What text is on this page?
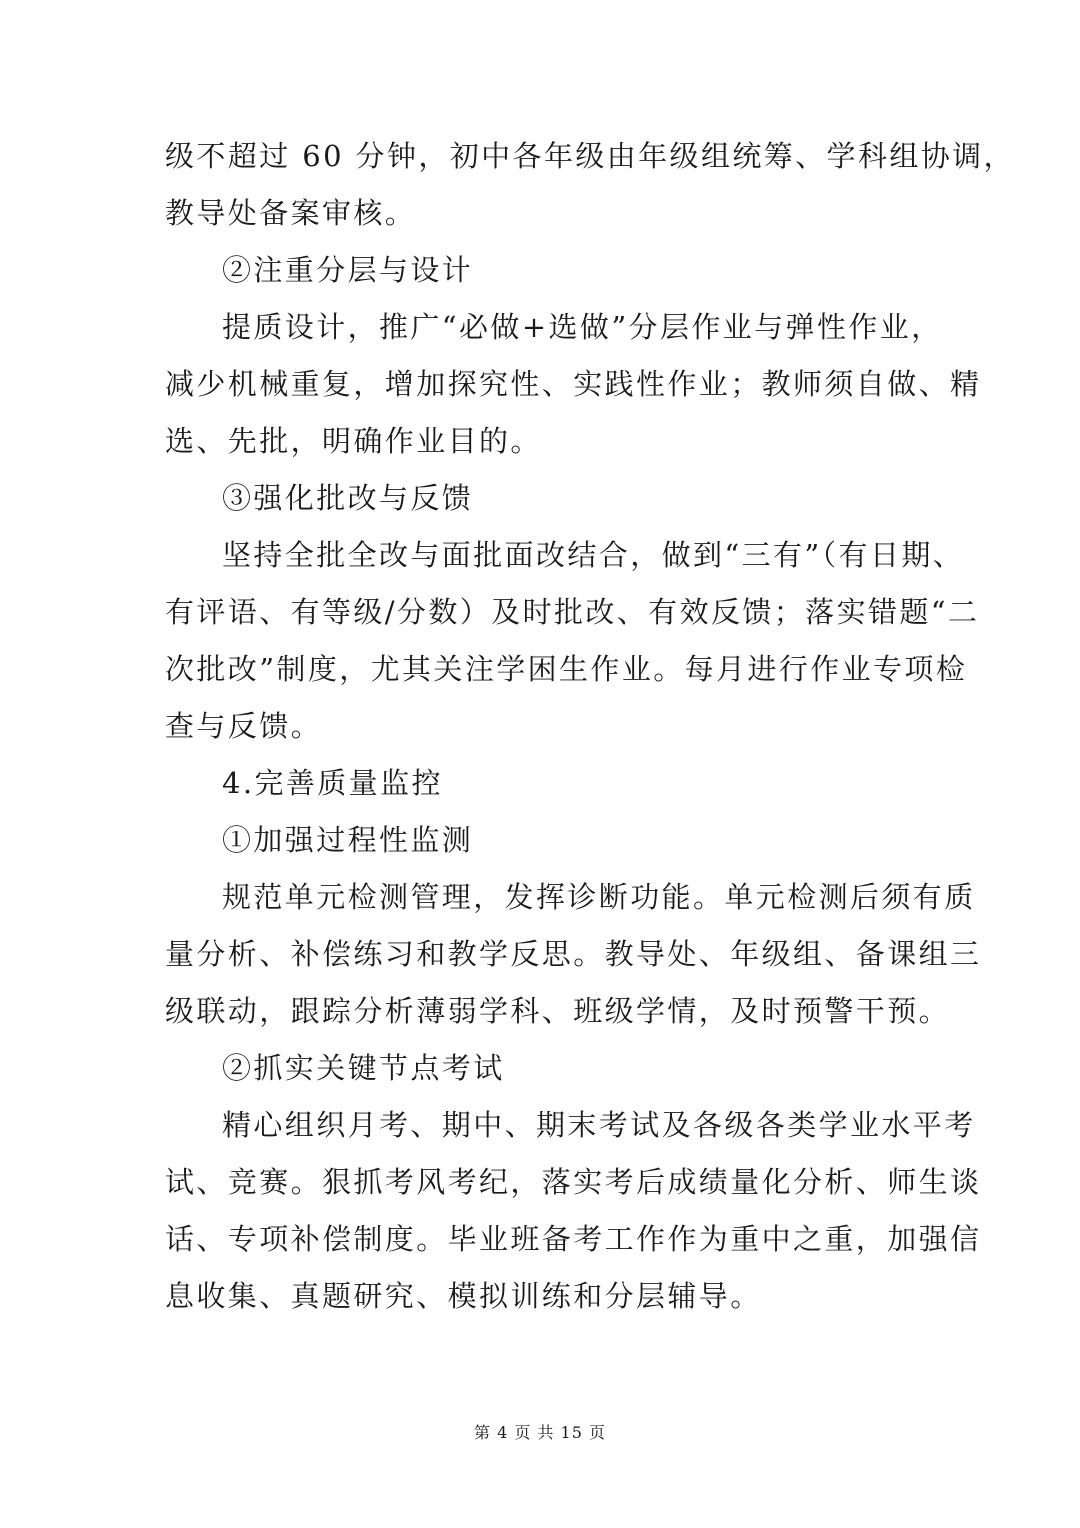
级不超过 60 分钟，初中各年级由年级组统筹、学科组协调，
教导处备案审核。
②注重分层与设计
提质设计，推广“必做+选做”分层作业与弹性作业，
减少机械重复，增加探究性、实践性作业；教师须自做、精
选、先批，明确作业目的。
③强化批改与反馈
坚持全批全改与面批面改结合，做到“三有”（有日期、
有评语、有等级/分数）及时批改、有效反馈；落实错题“二
次批改”制度，尤其关注学困生作业。每月进行作业专项检
查与反馈。
4.完善质量监控
①加强过程性监测
规范单元检测管理，发挥诊断功能。单元检测后须有质
量分析、补偿练习和教学反思。教导处、年级组、备课组三
级联动，跟踪分析薄弱学科、班级学情，及时预警干预。
②抓实关键节点考试
精心组织月考、期中、期末考试及各级各类学业水平考
试、竞赛。狠抓考风考纪，落实考后成绩量化分析、师生谈
话、专项补偿制度。毕业班备考工作作为重中之重，加强信
息收集、真题研究、模拟训练和分层辅导。
第 4 页 共 15 页
